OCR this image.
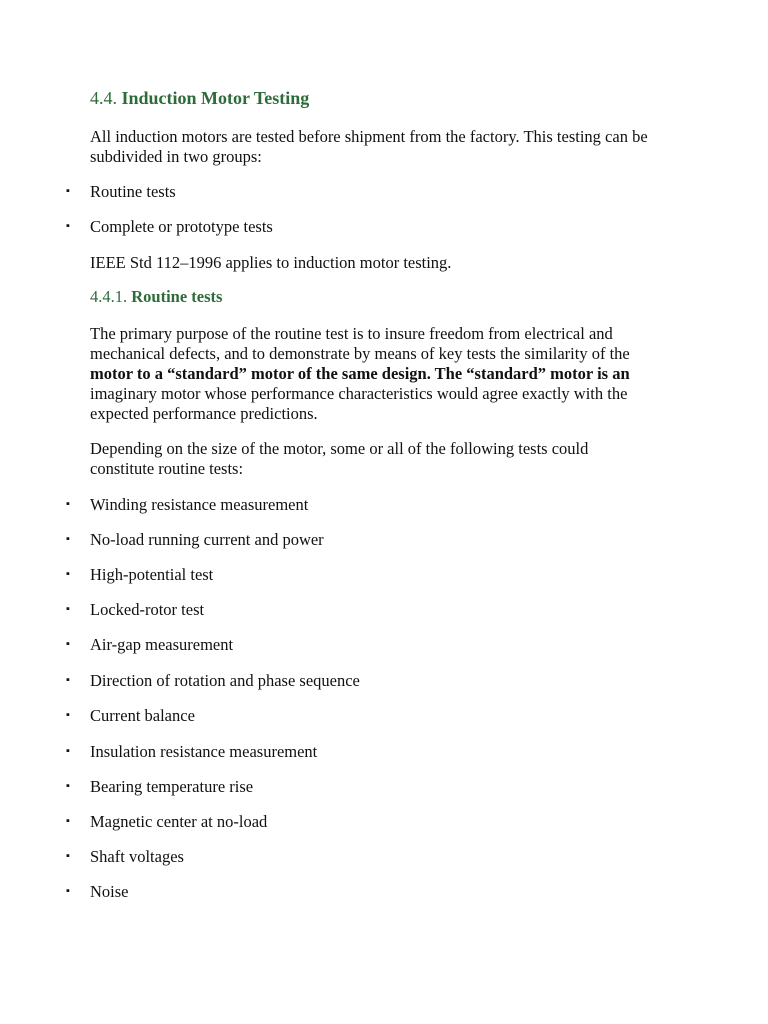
4.4. Induction Motor Testing

All induction motors are tested before shipment from the factory. This testing can be
subdivided in two groups:

▪ Routine tests
▪ Complete or prototype tests

IEEE Std 112–1996 applies to induction motor testing.

4.4.1. Routine tests

The primary purpose of the routine test is to insure freedom from electrical and
mechanical defects, and to demonstrate by means of key tests the similarity of the
motor to a “standard” motor of the same design. The “standard” motor is an
imaginary motor whose performance characteristics would agree exactly with the
expected performance predictions.

Depending on the size of the motor, some or all of the following tests could
constitute routine tests:

▪ Winding resistance measurement
▪ No-load running current and power
▪ High-potential test
▪ Locked-rotor test
▪ Air-gap measurement
▪ Direction of rotation and phase sequence
▪ Current balance
▪ Insulation resistance measurement
▪ Bearing temperature rise
▪ Magnetic center at no-load
▪ Shaft voltages
▪ Noise
